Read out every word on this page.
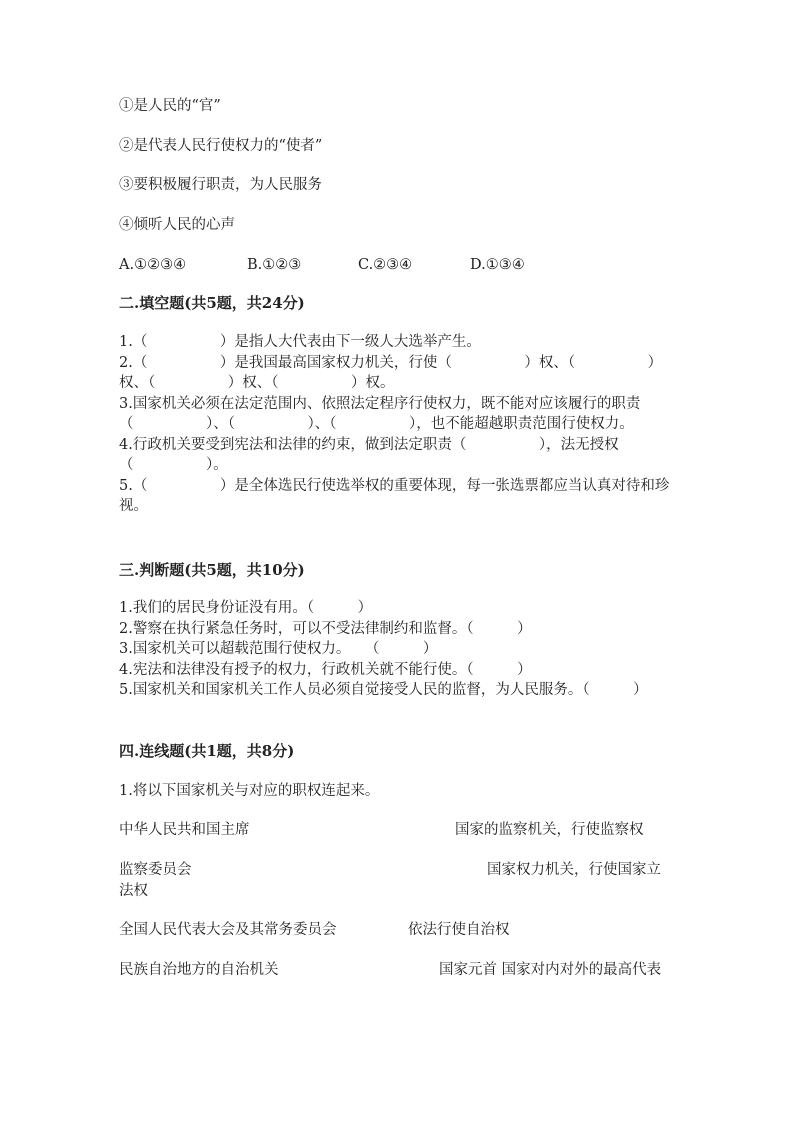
①是人民的“官”
②是代表人民行使权力的“使者”
③要积极履行职责，为人民服务
④倾听人民的心声
A.①②③④	B.①②③	C.②③④	D.①③④
二.填空题(共5题，共24分)

1.（　　　　　）是指人大代表由下一级人大选举产生。

2.（　　　　　）是我国最高国家权力机关，行使（　　　　　）权、（　　　　　）权、（　　　　　）权、（　　　　　）权。

3.国家机关必须在法定范围内、依照法定程序行使权力，既不能对应该履行的职责（　　　　　）、（　　　　　）、（　　　　　），也不能超越职责范围行使权力。

4.行政机关要受到宪法和法律的约束，做到法定职责（　　　　　），法无授权（　　　　　）。

5.（　　　　　）是全体选民行使选举权的重要体现，每一张选票都应当认真对待和珍视。

三.判断题(共5题，共10分)

1.我们的居民身份证没有用。（　　　）

2.警察在执行紧急任务时，可以不受法律制约和监督。（　　　）

3.国家机关可以超载范围行使权力。　　（　　　）

4.宪法和法律没有授予的权力，行政机关就不能行使。（　　　）

5.国家机关和国家机关工作人员必须自觉接受人民的监督，为人民服务。（　　　）

四.连线题(共1题，共8分)
1.将以下国家机关与对应的职权连起来。
中华人民共和国主席	国家的监察机关，行使监察权
监察委员会	国家权力机关，行使国家立法权
全国人民代表大会及其常务委员会	依法行使自治权
民族自治地方的自治机关	国家元首 国家对内对外的最高代表
